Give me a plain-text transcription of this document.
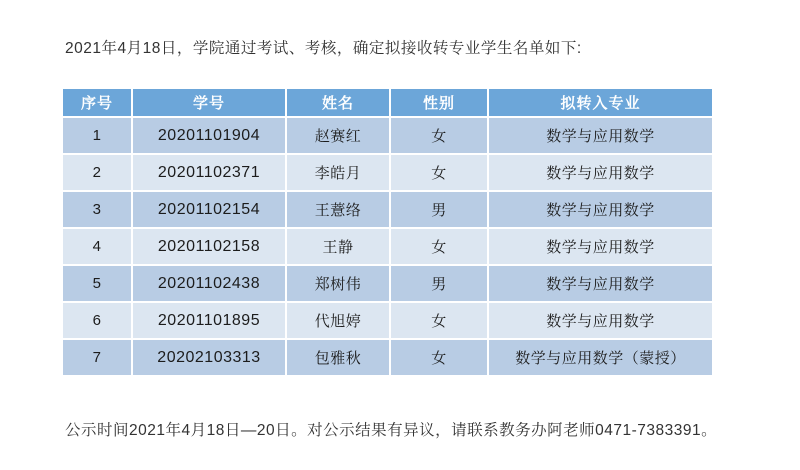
2021年4月18日，学院通过考试、考核，确定拟接收转专业学生名单如下:

序号	学号	姓名	性别	拟转入专业
1	20201101904	赵赛红	女	数学与应用数学
2	20201102371	李皓月	女	数学与应用数学
3	20201102154	王薏络	男	数学与应用数学
4	20201102158	王静	女	数学与应用数学
5	20201102438	郑树伟	男	数学与应用数学
6	20201101895	代旭婷	女	数学与应用数学
7	20202103313	包雅秋	女	数学与应用数学（蒙授）

公示时间2021年4月18日—20日。对公示结果有异议，请联系教务办阿老师0471-7383391。
